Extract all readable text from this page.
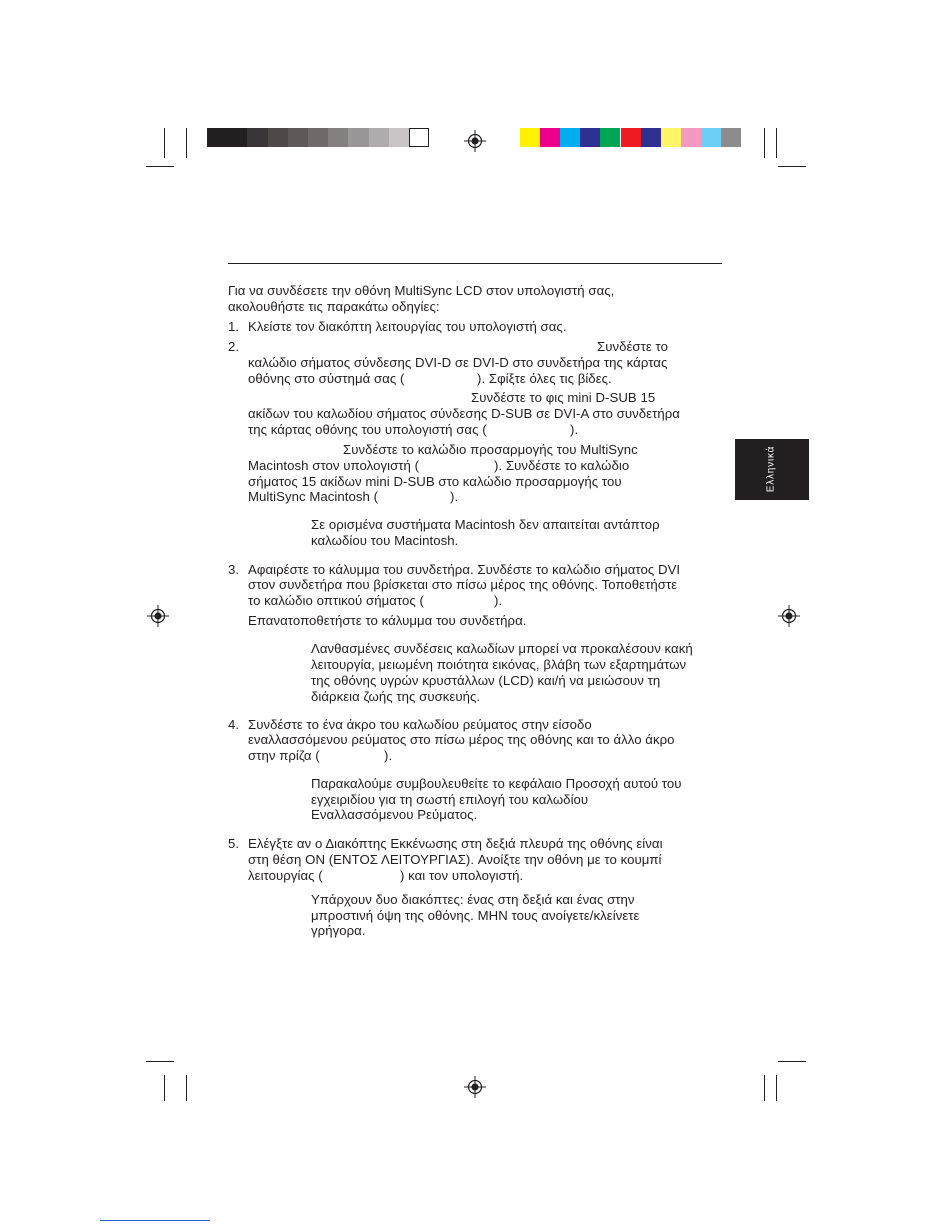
Ελληνικά
Για να συνδέσετε την οθόνη MultiSync LCD στον υπολογιστή σας,
ακολουθήστε τις παρακάτω οδηγίες:
1. Κλείστε τον διακόπτη λειτουργίας του υπολογιστή σας.
2.	Συνδέστε το
καλώδιο σήματος σύνδεσης DVI-D σε DVI-D στο συνδετήρα της κάρτας
οθόνης στο σύστημά σας (	). Σφίξτε όλες τις βίδες.
Συνδέστε το φις mini D-SUB 15
ακίδων του καλωδίου σήματος σύνδεσης D-SUB σε DVI-A στο συνδετήρα
της κάρτας οθόνης του υπολογιστή σας (	).
Συνδέστε το καλώδιο προσαρμογής του MultiSync
Macintosh στον υπολογιστή (	). Συνδέστε το καλώδιο
σήματος 15 ακίδων mini D-SUB στο καλώδιο προσαρμογής του
MultiSync Macintosh (	).
Σε ορισμένα συστήματα Macintosh δεν απαιτείται αντάπτορ
καλωδίου του Macintosh.
3. Αφαιρέστε το κάλυμμα του συνδετήρα. Συνδέστε το καλώδιο σήματος DVI
στον συνδετήρα που βρίσκεται στο πίσω μέρος της οθόνης. Τοποθετήστε
το καλώδιο οπτικού σήματος (	).
Επανατοποθετήστε το κάλυμμα του συνδετήρα.
Λανθασμένες συνδέσεις καλωδίων μπορεί να προκαλέσουν κακή
λειτουργία, μειωμένη ποιότητα εικόνας, βλάβη των εξαρτημάτων
της οθόνης υγρών κρυστάλλων (LCD) και/ή να μειώσουν τη
διάρκεια ζωής της συσκευής.
4. Συνδέστε το ένα άκρο του καλωδίου ρεύματος στην είσοδο
εναλλασσόμενου ρεύματος στο πίσω μέρος της οθόνης και το άλλο άκρο
στην πρίζα (	).
Παρακαλούμε συμβουλευθείτε το κεφάλαιο Προσοχή αυτού του
εγχειριδίου για τη σωστή επιλογή του καλωδίου
Εναλλασσόμενου Ρεύματος.
5. Ελέγξτε αν ο Διακόπτης Εκκένωσης στη δεξιά πλευρά της οθόνης είναι
στη θέση ON (ΕΝΤΟΣ ΛΕΙΤΟΥΡΓΙΑΣ). Ανοίξτε την οθόνη με το κουμπί
λειτουργίας (	) και τον υπολογιστή.
Υπάρχουν δυο διακόπτες: ένας στη δεξιά και ένας στην
μπροστινή όψη της οθόνης. ΜΗΝ τους ανοίγετε/κλείνετε
γρήγορα.
